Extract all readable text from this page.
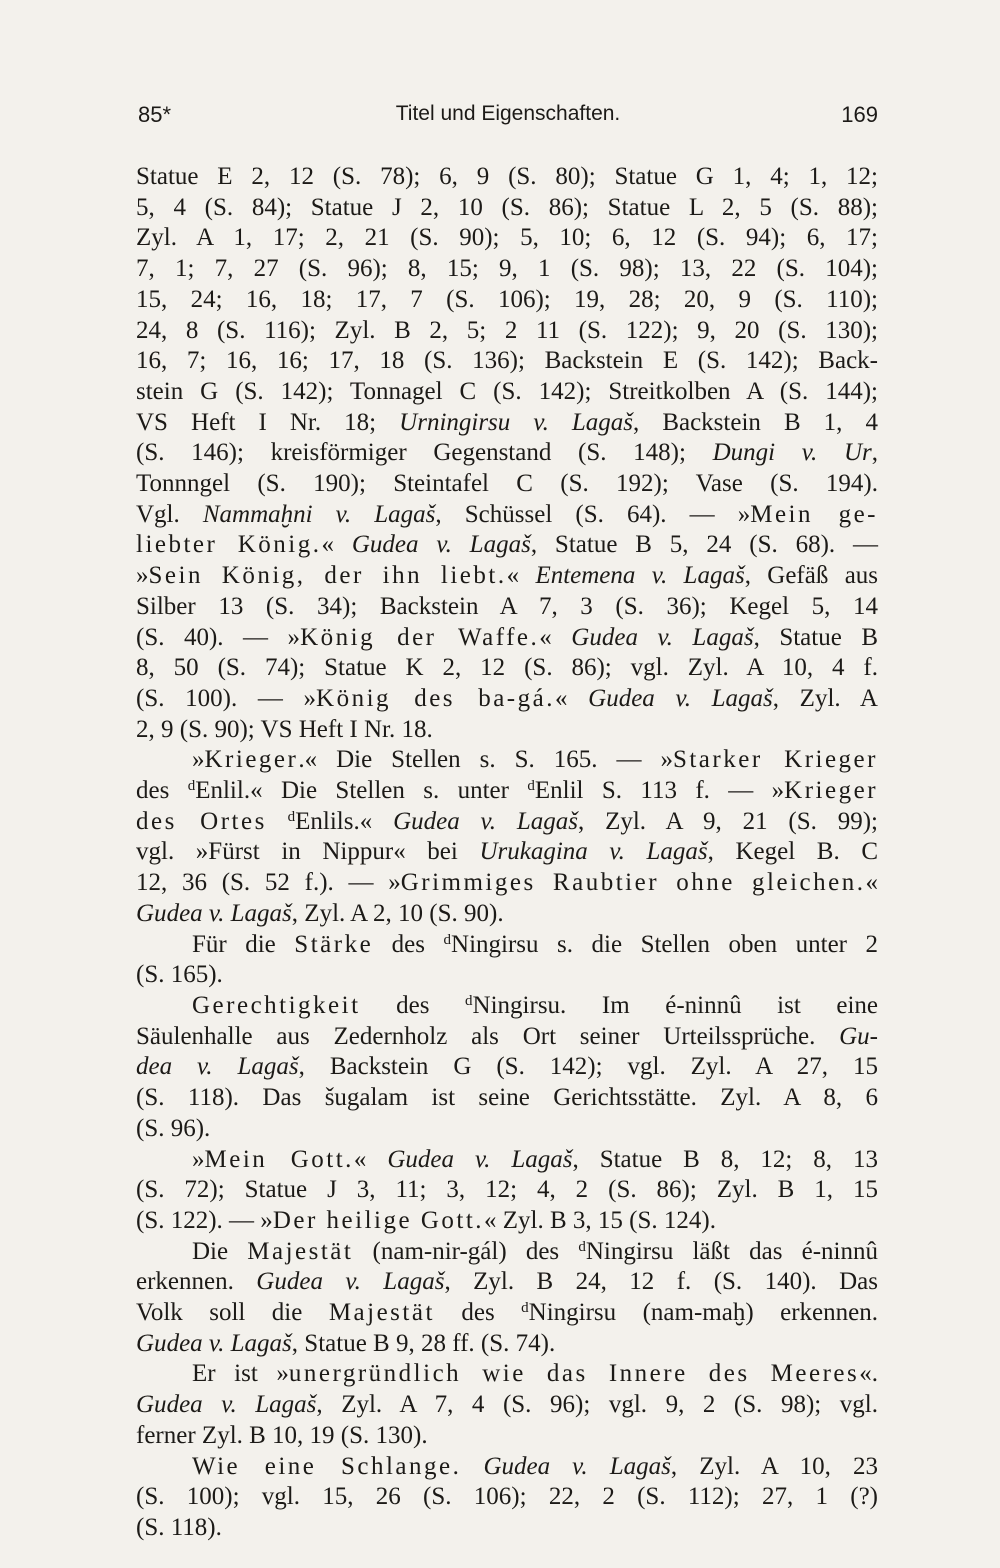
85*	Titel und Eigenschaften.	169
Statue E 2, 12 (S. 78); 6, 9 (S. 80); Statue G 1, 4; 1, 12;
5, 4 (S. 84); Statue J 2, 10 (S. 86); Statue L 2, 5 (S. 88);
Zyl. A 1, 17; 2, 21 (S. 90); 5, 10; 6, 12 (S. 94); 6, 17;
7, 1; 7, 27 (S. 96); 8, 15; 9, 1 (S. 98); 13, 22 (S. 104);
15, 24; 16, 18; 17, 7 (S. 106); 19, 28; 20, 9 (S. 110);
24, 8 (S. 116); Zyl. B 2, 5; 2 11 (S. 122); 9, 20 (S. 130);
16, 7; 16, 16; 17, 18 (S. 136); Backstein E (S. 142); Back-
stein G (S. 142); Tonnagel C (S. 142); Streitkolben A (S. 144);
VS Heft I Nr. 18; Urningirsu v. Lagaš, Backstein B 1, 4
(S. 146); kreisförmiger Gegenstand (S. 148); Dungi v. Ur,
Tonnngel (S. 190); Steintafel C (S. 192); Vase (S. 194).
Vgl. Nammaḫni v. Lagaš, Schüssel (S. 64). — »Mein ge-
liebter König.« Gudea v. Lagaš, Statue B 5, 24 (S. 68). —
»Sein König, der ihn liebt.« Entemena v. Lagaš, Gefäß aus
Silber 13 (S. 34); Backstein A 7, 3 (S. 36); Kegel 5, 14
(S. 40). — »König der Waffe.« Gudea v. Lagaš, Statue B
8, 50 (S. 74); Statue K 2, 12 (S. 86); vgl. Zyl. A 10, 4 f.
(S. 100). — »König des ba-gá.« Gudea v. Lagaš, Zyl. A
2, 9 (S. 90); VS Heft I Nr. 18.
»Krieger.« Die Stellen s. S. 165. — »Starker Krieger
des $^d$Enlil.« Die Stellen s. unter $^d$Enlil S. 113 f. — »Krieger
des Ortes $^d$Enlils.« Gudea v. Lagaš, Zyl. A 9, 21 (S. 99);
vgl. »Fürst in Nippur« bei Urukagina v. Lagaš, Kegel B. C
12, 36 (S. 52 f.). — »Grimmiges Raubtier ohne gleichen.«
Gudea v. Lagaš, Zyl. A 2, 10 (S. 90).
Für die Stärke des $^d$Ningirsu s. die Stellen oben unter 2
(S. 165).
Gerechtigkeit des $^d$Ningirsu. Im é-ninnû ist eine
Säulenhalle aus Zedernholz als Ort seiner Urteilssprüche. Gu-
dea v. Lagaš, Backstein G (S. 142); vgl. Zyl. A 27, 15
(S. 118). Das šugalam ist seine Gerichtsstätte. Zyl. A 8, 6
(S. 96).
»Mein Gott.« Gudea v. Lagaš, Statue B 8, 12; 8, 13
(S. 72); Statue J 3, 11; 3, 12; 4, 2 (S. 86); Zyl. B 1, 15
(S. 122). — »Der heilige Gott.« Zyl. B 3, 15 (S. 124).
Die Majestät (nam-nir-gál) des $^d$Ningirsu läßt das é-ninnû
erkennen. Gudea v. Lagaš, Zyl. B 24, 12 f. (S. 140). Das
Volk soll die Majestät des $^d$Ningirsu (nam-maḫ) erkennen.
Gudea v. Lagaš, Statue B 9, 28 ff. (S. 74).
Er ist »unergründlich wie das Innere des Meeres«.
Gudea v. Lagaš, Zyl. A 7, 4 (S. 96); vgl. 9, 2 (S. 98); vgl.
ferner Zyl. B 10, 19 (S. 130).
Wie eine Schlange. Gudea v. Lagaš, Zyl. A 10, 23
(S. 100); vgl. 15, 26 (S. 106); 22, 2 (S. 112); 27, 1 (?)
(S. 118).
